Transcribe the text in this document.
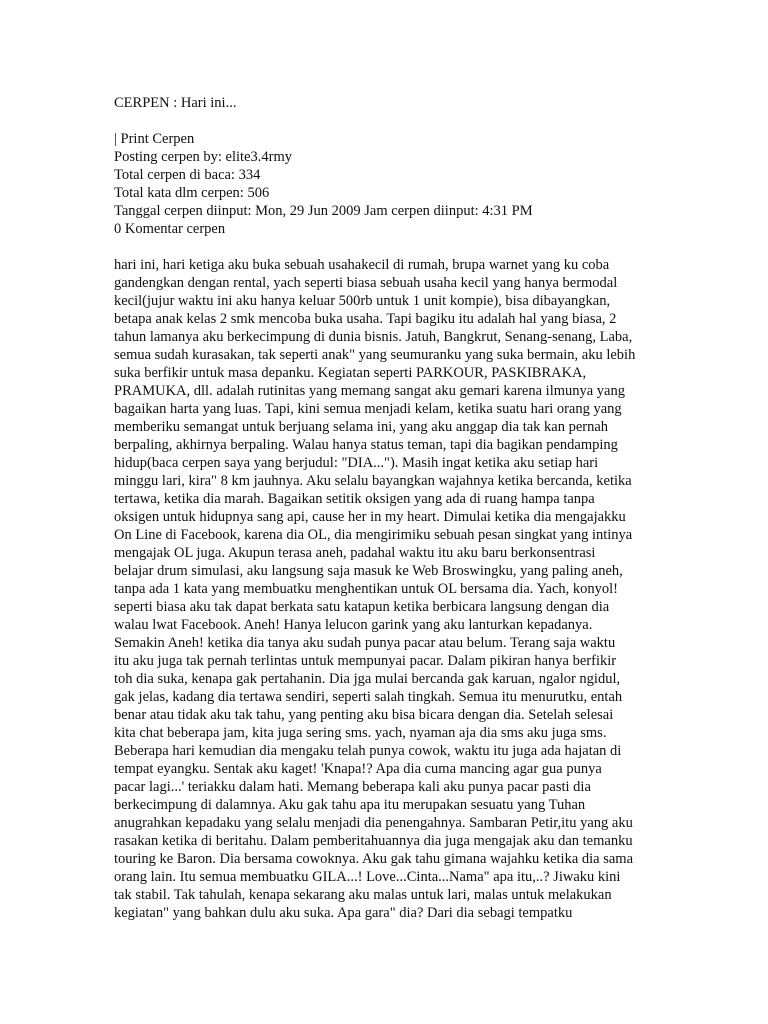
CERPEN : Hari ini...
| Print Cerpen
Posting cerpen by: elite3.4rmy
Total cerpen di baca: 334
Total kata dlm cerpen: 506
Tanggal cerpen diinput: Mon, 29 Jun 2009 Jam cerpen diinput: 4:31 PM
0 Komentar cerpen
hari ini, hari ketiga aku buka sebuah usahakecil di rumah, brupa warnet yang ku coba
gandengkan dengan rental, yach seperti biasa sebuah usaha kecil yang hanya bermodal
kecil(jujur waktu ini aku hanya keluar 500rb untuk 1 unit kompie), bisa dibayangkan,
betapa anak kelas 2 smk mencoba buka usaha. Tapi bagiku itu adalah hal yang biasa, 2
tahun lamanya aku berkecimpung di dunia bisnis. Jatuh, Bangkrut, Senang-senang, Laba,
semua sudah kurasakan, tak seperti anak" yang seumuranku yang suka bermain, aku lebih
suka berfikir untuk masa depanku. Kegiatan seperti PARKOUR, PASKIBRAKA,
PRAMUKA, dll. adalah rutinitas yang memang sangat aku gemari karena ilmunya yang
bagaikan harta yang luas. Tapi, kini semua menjadi kelam, ketika suatu hari orang yang
memberiku semangat untuk berjuang selama ini, yang aku anggap dia tak kan pernah
berpaling, akhirnya berpaling. Walau hanya status teman, tapi dia bagikan pendamping
hidup(baca cerpen saya yang berjudul: "DIA..."). Masih ingat ketika aku setiap hari
minggu lari, kira" 8 km jauhnya. Aku selalu bayangkan wajahnya ketika bercanda, ketika
tertawa, ketika dia marah. Bagaikan setitik oksigen yang ada di ruang hampa tanpa
oksigen untuk hidupnya sang api, cause her in my heart. Dimulai ketika dia mengajakku
On Line di Facebook, karena dia OL, dia mengirimiku sebuah pesan singkat yang intinya
mengajak OL juga. Akupun terasa aneh, padahal waktu itu aku baru berkonsentrasi
belajar drum simulasi, aku langsung saja masuk ke Web Broswingku, yang paling aneh,
tanpa ada 1 kata yang membuatku menghentikan untuk OL bersama dia. Yach, konyol!
seperti biasa aku tak dapat berkata satu katapun ketika berbicara langsung dengan dia
walau lwat Facebook. Aneh! Hanya lelucon garink yang aku lanturkan kepadanya.
Semakin Aneh! ketika dia tanya aku sudah punya pacar atau belum. Terang saja waktu
itu aku juga tak pernah terlintas untuk mempunyai pacar. Dalam pikiran hanya berfikir
toh dia suka, kenapa gak pertahanin. Dia jga mulai bercanda gak karuan, ngalor ngidul,
gak jelas, kadang dia tertawa sendiri, seperti salah tingkah. Semua itu menurutku, entah
benar atau tidak aku tak tahu, yang penting aku bisa bicara dengan dia. Setelah selesai
kita chat beberapa jam, kita juga sering sms. yach, nyaman aja dia sms aku juga sms.
Beberapa hari kemudian dia mengaku telah punya cowok, waktu itu juga ada hajatan di
tempat eyangku. Sentak aku kaget! 'Knapa!? Apa dia cuma mancing agar gua punya
pacar lagi...' teriakku dalam hati. Memang beberapa kali aku punya pacar pasti dia
berkecimpung di dalamnya. Aku gak tahu apa itu merupakan sesuatu yang Tuhan
anugrahkan kepadaku yang selalu menjadi dia penengahnya. Sambaran Petir,itu yang aku
rasakan ketika di beritahu. Dalam pemberitahuannya dia juga mengajak aku dan temanku
touring ke Baron. Dia bersama cowoknya. Aku gak tahu gimana wajahku ketika dia sama
orang lain. Itu semua membuatku GILA...! Love...Cinta...Nama" apa itu,..? Jiwaku kini
tak stabil. Tak tahulah, kenapa sekarang aku malas untuk lari, malas untuk melakukan
kegiatan" yang bahkan dulu aku suka. Apa gara" dia? Dari dia sebagi tempatku
